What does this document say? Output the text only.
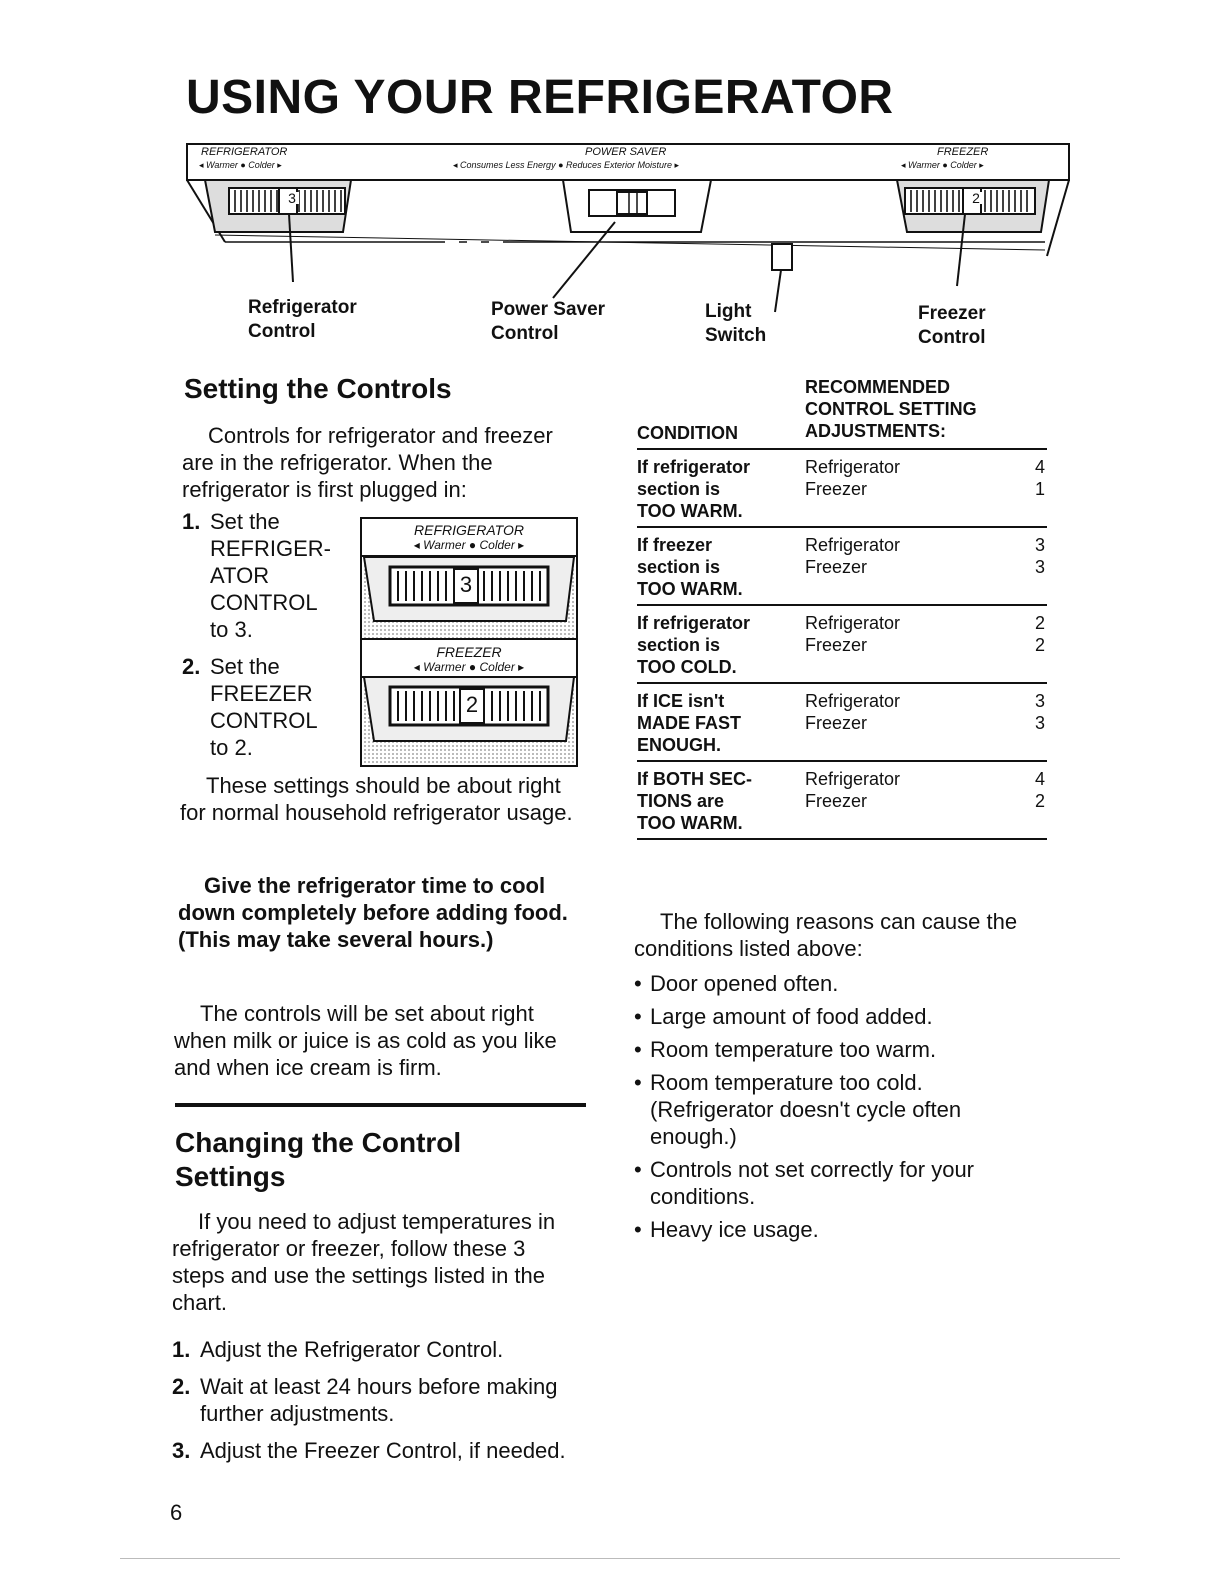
USING YOUR REFRIGERATOR
REFRIGERATOR
◂ Warmer ● Colder ▸
3
POWER SAVER
◂ Consumes Less Energy ● Reduces Exterior Moisture ▸
FREEZER
◂ Warmer ● Colder ▸
2
Refrigerator
Control
Power Saver
Control
Light
Switch
Freezer
Control
Setting the Controls

Controls for refrigerator and freezer are in the refrigerator. When the refrigerator is first plugged in:

1. Set the
REFRIGER-
ATOR
CONTROL
to 3.
2. Set the
FREEZER
CONTROL
to 2.
REFRIGERATOR
◂ Warmer ● Colder ▸
3
FREEZER
◂ Warmer ● Colder ▸
2

These settings should be about right for normal household refrigerator usage.

Give the refrigerator time to cool down completely before adding food. (This may take several hours.)

The controls will be set about right when milk or juice is as cold as you like and when ice cream is firm.

Changing the Control
Settings

If you need to adjust temperatures in refrigerator or freezer, follow these 3 steps and use the settings listed in the chart.

1. Adjust the Refrigerator Control.
2. Wait at least 24 hours before making further adjustments.
3. Adjust the Freezer Control, if needed.
CONDITION
RECOMMENDED
CONTROL SETTING
ADJUSTMENTS:
If refrigerator
section is
TOO WARM.
Refrigerator
Freezer
4
1
If freezer
section is
TOO WARM.
Refrigerator
Freezer
3
3
If refrigerator
section is
TOO COLD.
Refrigerator
Freezer
2
2
If ICE isn't
MADE FAST
ENOUGH.
Refrigerator
Freezer
3
3
If BOTH SEC-
TIONS are
TOO WARM.
Refrigerator
Freezer
4
2

The following reasons can cause the conditions listed above:

• Door opened often.
• Large amount of food added.
• Room temperature too warm.
• Room temperature too cold. (Refrigerator doesn't cycle often enough.)
• Controls not set correctly for your conditions.
• Heavy ice usage.
6
